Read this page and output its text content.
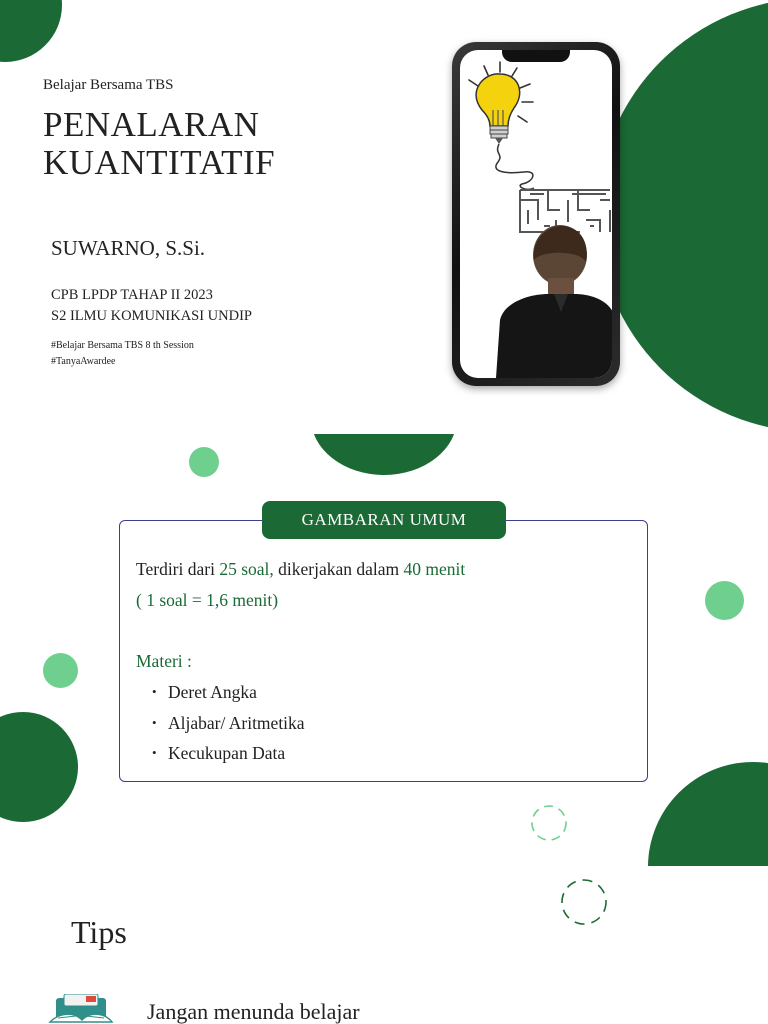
Belajar Bersama TBS
PENALARAN
KUANTITATIF
SUWARNO, S.Si.
CPB LPDP TAHAP II 2023
S2 ILMU KOMUNIKASI UNDIP
#Belajar Bersama TBS 8 th Session
#TanyaAwardee
Terdiri dari 25 soal, dikerjakan dalam 40 menit
( 1 soal = 1,6 menit)
Materi :
• Deret Angka
• Aljabar/ Aritmetika
• Kecukupan Data
GAMBARAN UMUM
Tips
Jangan menunda belajar
